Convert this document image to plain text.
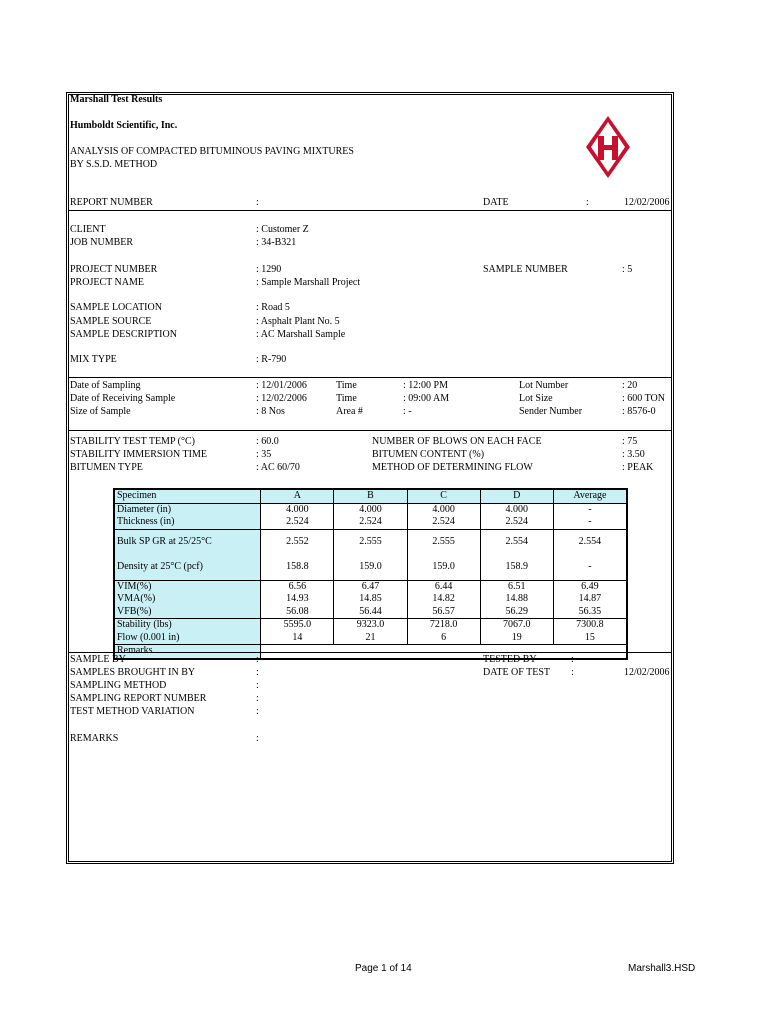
Marshall Test Results
Humboldt Scientific, Inc.
ANALYSIS OF COMPACTED BITUMINOUS PAVING MIXTURES
BY S.S.D. METHOD
REPORT NUMBER	:	DATE	:	12/02/2006
CLIENT	: Customer Z
JOB NUMBER	: 34-B321
PROJECT NUMBER	: 1290	SAMPLE NUMBER	: 5
PROJECT NAME	: Sample Marshall Project
SAMPLE LOCATION	: Road 5
SAMPLE SOURCE	: Asphalt Plant No. 5
SAMPLE DESCRIPTION	: AC Marshall Sample
MIX TYPE	: R-790
Date of Sampling	: 12/01/2006	Time	: 12:00 PM	Lot Number	: 20
Date of Receiving Sample	: 12/02/2006	Time	: 09:00 AM	Lot Size	: 600 TON
Size of Sample	: 8 Nos	Area #	: -	Sender Number	: 8576-0
STABILITY TEST TEMP (°C)	: 60.0	NUMBER OF BLOWS ON EACH FACE	: 75
STABILITY IMMERSION TIME	: 35	BITUMEN CONTENT (%)	: 3.50
BITUMEN TYPE	: AC 60/70	METHOD OF DETERMINING FLOW	: PEAK
Specimen	A	B	C	D	Average
Diameter (in)	4.000	4.000	4.000	4.000	-
Thickness (in)	2.524	2.524	2.524	2.524	-
Bulk SP GR at 25/25°C	2.552	2.555	2.555	2.554	2.554
Density at 25°C (pcf)	158.8	159.0	159.0	158.9	-
VIM(%)	6.56	6.47	6.44	6.51	6.49
VMA(%)	14.93	14.85	14.82	14.88	14.87
VFB(%)	56.08	56.44	56.57	56.29	56.35
Stability (lbs)	5595.0	9323.0	7218.0	7067.0	7300.8
Flow (0.001 in)	14	21	6	19	15
Remarks					
SAMPLE BY	:	TESTED BY	:
SAMPLES BROUGHT IN BY	:	DATE OF TEST :	12/02/2006
SAMPLING METHOD	:
SAMPLING REPORT NUMBER	:
TEST METHOD VARIATION	:
REMARKS	:
Page 1 of 14	Marshall3.HSD
